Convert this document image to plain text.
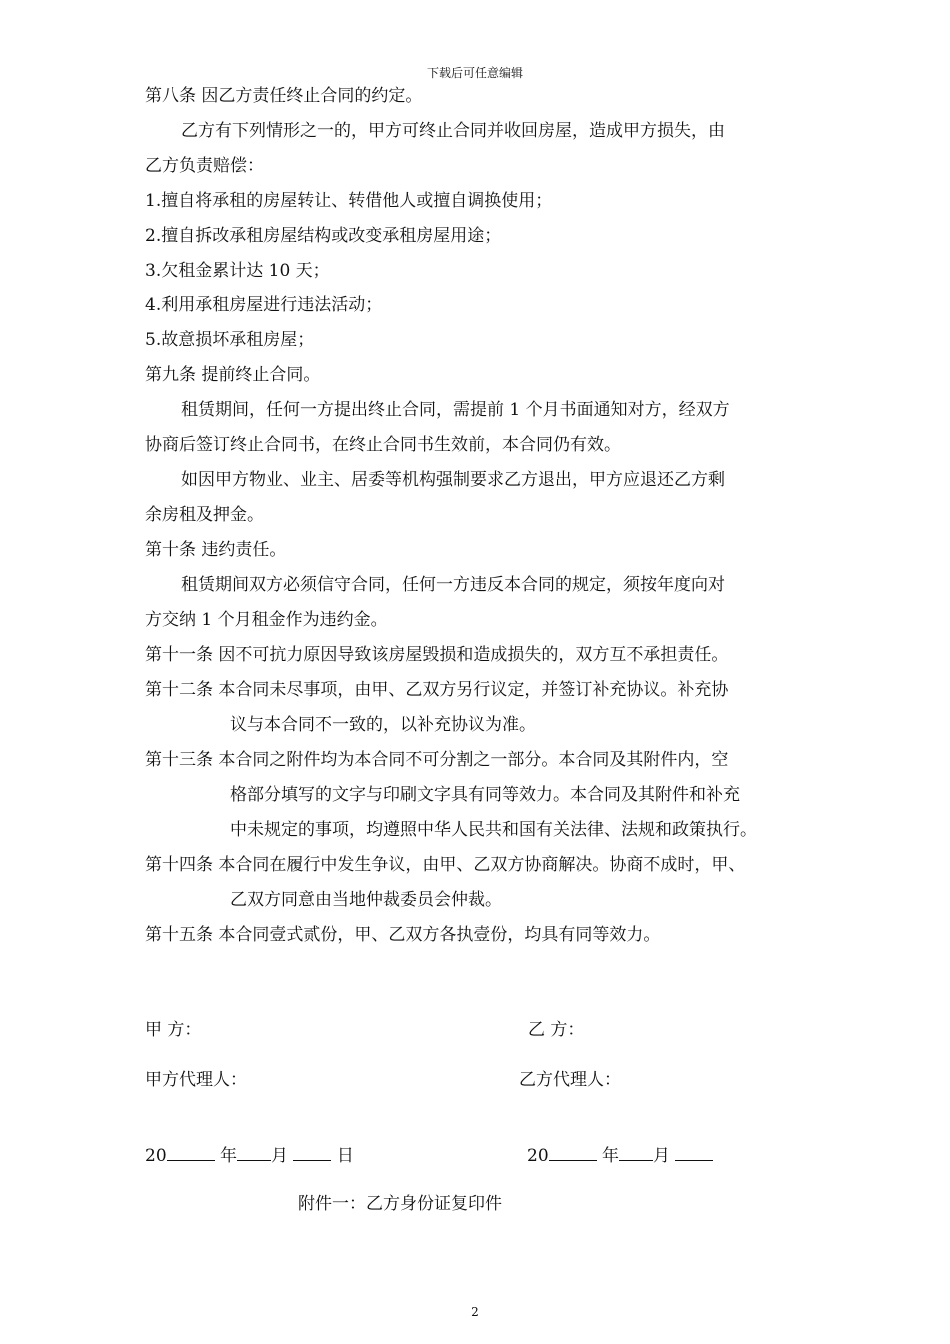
下载后可任意编辑
第八条 因乙方责任终止合同的约定。
乙方有下列情形之一的，甲方可终止合同并收回房屋，造成甲方损失，由
乙方负责赔偿：
1.擅自将承租的房屋转让、转借他人或擅自调换使用；
2.擅自拆改承租房屋结构或改变承租房屋用途；
3.欠租金累计达 10 天；
4.利用承租房屋进行违法活动；
5.故意损坏承租房屋；
第九条 提前终止合同。
租赁期间，任何一方提出终止合同，需提前 1 个月书面通知对方，经双方
协商后签订终止合同书，在终止合同书生效前，本合同仍有效。
如因甲方物业、业主、居委等机构强制要求乙方退出，甲方应退还乙方剩
余房租及押金。
第十条 违约责任。
租赁期间双方必须信守合同，任何一方违反本合同的规定，须按年度向对
方交纳 1 个月租金作为违约金。
第十一条 因不可抗力原因导致该房屋毁损和造成损失的，双方互不承担责任。
第十二条 本合同未尽事项，由甲、乙双方另行议定，并签订补充协议。补充协
议与本合同不一致的，以补充协议为准。
第十三条 本合同之附件均为本合同不可分割之一部分。本合同及其附件内，空
格部分填写的文字与印刷文字具有同等效力。本合同及其附件和补充
中未规定的事项，均遵照中华人民共和国有关法律、法规和政策执行。
第十四条 本合同在履行中发生争议，由甲、乙双方协商解决。协商不成时，甲、
乙双方同意由当地仲裁委员会仲裁。
第十五条 本合同壹式贰份，甲、乙双方各执壹份，均具有同等效力。
甲 方：	乙 方：
甲方代理人：	乙方代理人：
20	年 月	日	20	年 月
附件一：乙方身份证复印件
2
